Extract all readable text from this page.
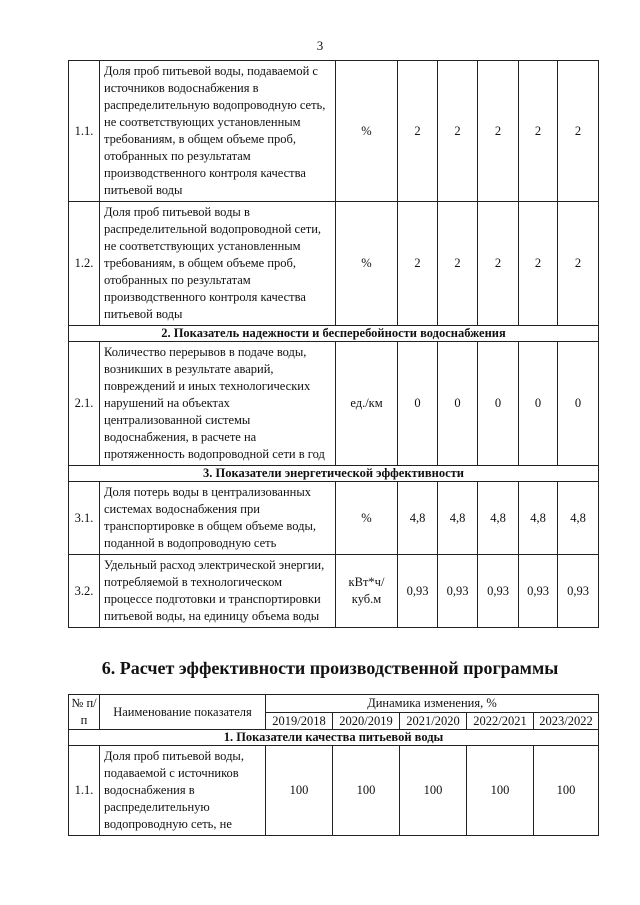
3
1.1.	Доля проб питьевой воды, подаваемой с источников водоснабжения в распределительную водопроводную сеть, не соответствующих установленным требованиям, в общем объеме проб, отобранных по результатам производственного контроля качества питьевой воды	%	2	2	2	2	2
1.2.	Доля проб питьевой воды в распределительной водопроводной сети, не соответствующих установленным требованиям, в общем объеме проб, отобранных по результатам производственного контроля качества питьевой воды	%	2	2	2	2	2
2. Показатель надежности и бесперебойности водоснабжения							
2.1.	Количество перерывов в подаче воды, возникших в результате аварий, повреждений и иных технологических нарушений на объектах централизованной системы водоснабжения, в расчете на протяженность водопроводной сети в год	ед./км	0	0	0	0	0
3. Показатели энергетической эффективности							
3.1.	Доля потерь воды в централизованных системах водоснабжения при транспортировке в общем объеме воды, поданной в водопроводную сеть	%	4,8	4,8	4,8	4,8	4,8
3.2.	Удельный расход электрической энергии, потребляемой в технологическом процессе подготовки и транспортировки питьевой воды, на единицу объема воды	кВт*ч/куб.м	0,93	0,93	0,93	0,93	0,93
6. Расчет эффективности производственной программы
№ п/п	Наименование показателя	Динамика изменения, %				
		2019/2018	2020/2019	2021/2020	2022/2021	2023/2022
1. Показатели качества питьевой воды						
1.1.	Доля проб питьевой воды, подаваемой с источников водоснабжения в распределительную водопроводную сеть, не	100	100	100	100	100
